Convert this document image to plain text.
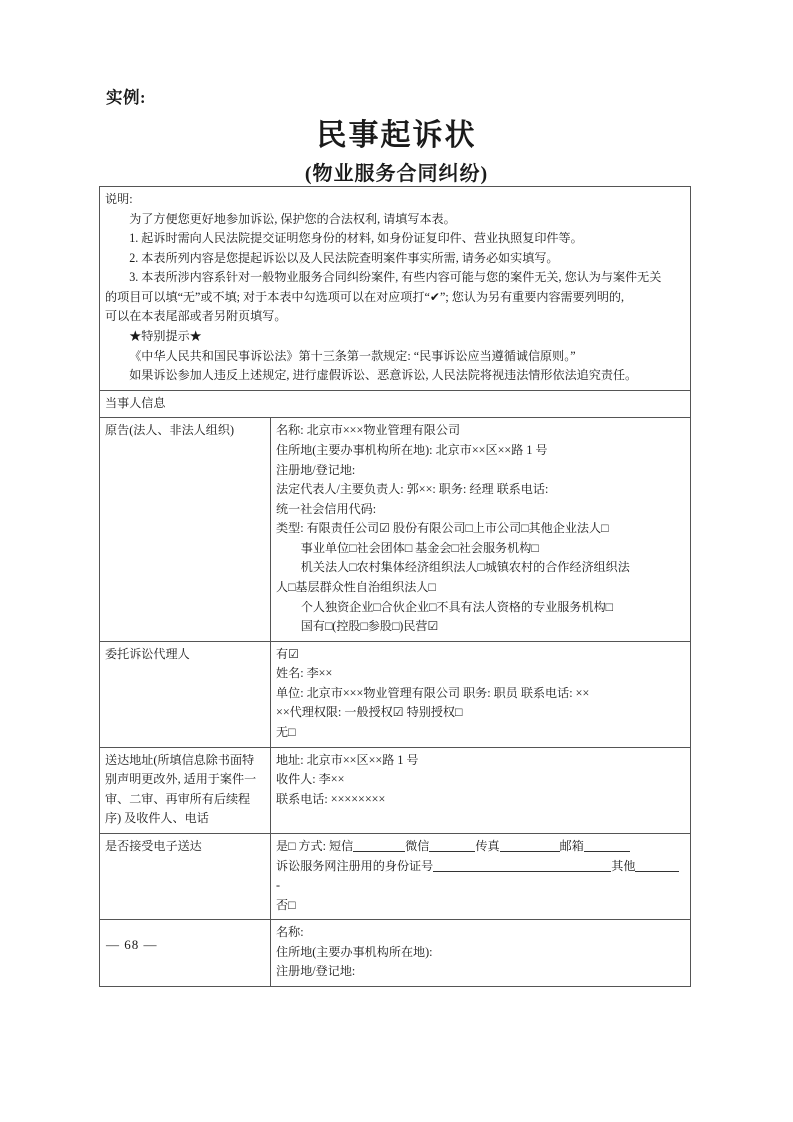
实例:
民事起诉状
(物业服务合同纠纷)

说明:

为了方便您更好地参加诉讼, 保护您的合法权利, 请填写本表。

1. 起诉时需向人民法院提交证明您身份的材料, 如身份证复印件、营业执照复印件等。

2. 本表所列内容是您提起诉讼以及人民法院查明案件事实所需, 请务必如实填写。

3. 本表所涉内容系针对一般物业服务合同纠纷案件, 有些内容可能与您的案件无关, 您认为与案件无关

的项目可以填“无”或不填; 对于本表中勾选项可以在对应项打“✔”; 您认为另有重要内容需要列明的,

可以在本表尾部或者另附页填写。

★特别提示★

《中华人民共和国民事诉讼法》第十三条第一款规定: “民事诉讼应当遵循诚信原则。”

如果诉讼参加人违反上述规定, 进行虚假诉讼、恶意诉讼, 人民法院将视违法情形依法追究责任。

当事人信息	
原告(法人、非法人组织)	名称: 北京市×××物业管理有限公司
住所地(主要办事机构所在地): 北京市××区××路 1 号
注册地/登记地:
法定代表人/主要负责人: 郭××: 职务: 经理 联系电话:
统一社会信用代码:
类型: 有限责任公司☑ 股份有限公司□上市公司□其他企业法人□
事业单位□社会团体□ 基金会□社会服务机构□
机关法人□农村集体经济组织法人□城镇农村的合作经济组织法
人□基层群众性自治组织法人□
个人独资企业□合伙企业□不具有法人资格的专业服务机构□
国有□(控股□参股□)民营☑

委托诉讼代理人	有☑
姓名: 李××
单位: 北京市×××物业管理有限公司 职务: 职员 联系电话: ××
××代理权限: 一般授权☑ 特别授权□
无□

送达地址(所填信息除书面特别声明更改外, 适用于案件一审、二审、再审所有后续程序) 及收件人、电话	地址: 北京市××区××路 1 号
收件人: 李××
联系电话: ××××××××

是否接受电子送达	是□ 方式: 短信 微信 传真 邮箱
诉讼服务网注册用的身份证号 其他
-
否□

	名称:
住所地(主要办事机构所在地):
注册地/登记地:
— 68 —
